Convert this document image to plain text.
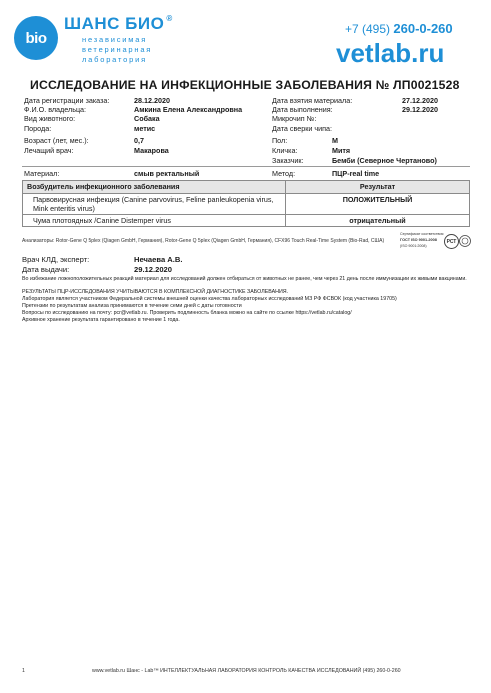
bio
ШАНС БИО ®
независимая
ветеринарная
лаборатория
+7 (495) 260-0-260
vetlab.ru
ИССЛЕДОВАНИЕ НА ИНФЕКЦИОННЫЕ ЗАБОЛЕВАНИЯ № ЛП0021528
Дата регистрации заказа:	28.12.2020
Ф.И.О. владельца:	Амкина Елена Александровна
Вид животного:	Собака
Порода:	метис
Возраст (лет, мес.):	0,7
Лечащий врач:	Макарова
Дата взятия материала:	27.12.2020
Дата выполнения:	29.12.2020
Микрочип №:
Дата сверки чипа:
Пол:	М
Кличка:	Митя
Заказчик:	Бемби (Северное Чертаново)
Материал:	смыв ректальный	Метод:	ПЦР-real time
Возбудитель инфекционного заболевания	Результат
Парвовирусная инфекция (Canine parvovirus, Feline panleukopenia virus, Mink enteritis virus)	ПОЛОЖИТЕЛЬНЫЙ
Чума плотоядных /Canine Distemper virus	отрицательный
Анализаторы: Rotor-Gene Q 5plex (Qiagen GmbH, Германия), Rotor-Gene Q 5plex (Qiagen GmbH, Германия), CFX96 Touch Real-Time System (Bio-Rad, США)
Сертификат соответствия
ГОСТ ISO 9001-2008
(ISO 9001:2008)
РСТ
Врач КЛД, эксперт:	Нечаева А.В.
Дата выдачи:	29.12.2020
Во избежание ложноположительных реакций материал для исследований должен отбираться от животных не ранее, чем через 21 день после иммунизации их живыми вакцинами.
РЕЗУЛЬТАТЫ ПЦР-ИССЛЕДОВАНИЯ УЧИТЫВАЮТСЯ В КОМПЛЕКСНОЙ ДИАГНОСТИКЕ ЗАБОЛЕВАНИЯ.
Лаборатория является участником Федеральной системы внешней оценки качества лабораторных исследований МЗ РФ ФСВОК (код участника 19705)
Претензии по результатам анализа принимаются в течение семи дней с даты готовности
Вопросы по исследованию на почту: pcr@vetlab.ru. Проверить подлинность бланка можно на сайте по ссылке https://vetlab.ru/catalog/
Архивное хранение результата гарантировано в течение 1 года.
1	www.vetlab.ru Шанс - Lab™ ИНТЕЛЛЕКТУАЛЬНАЯ ЛАБОРАТОРИЯ КОНТРОЛЬ КАЧЕСТВА ИССЛЕДОВАНИЙ (495) 260-0-260
